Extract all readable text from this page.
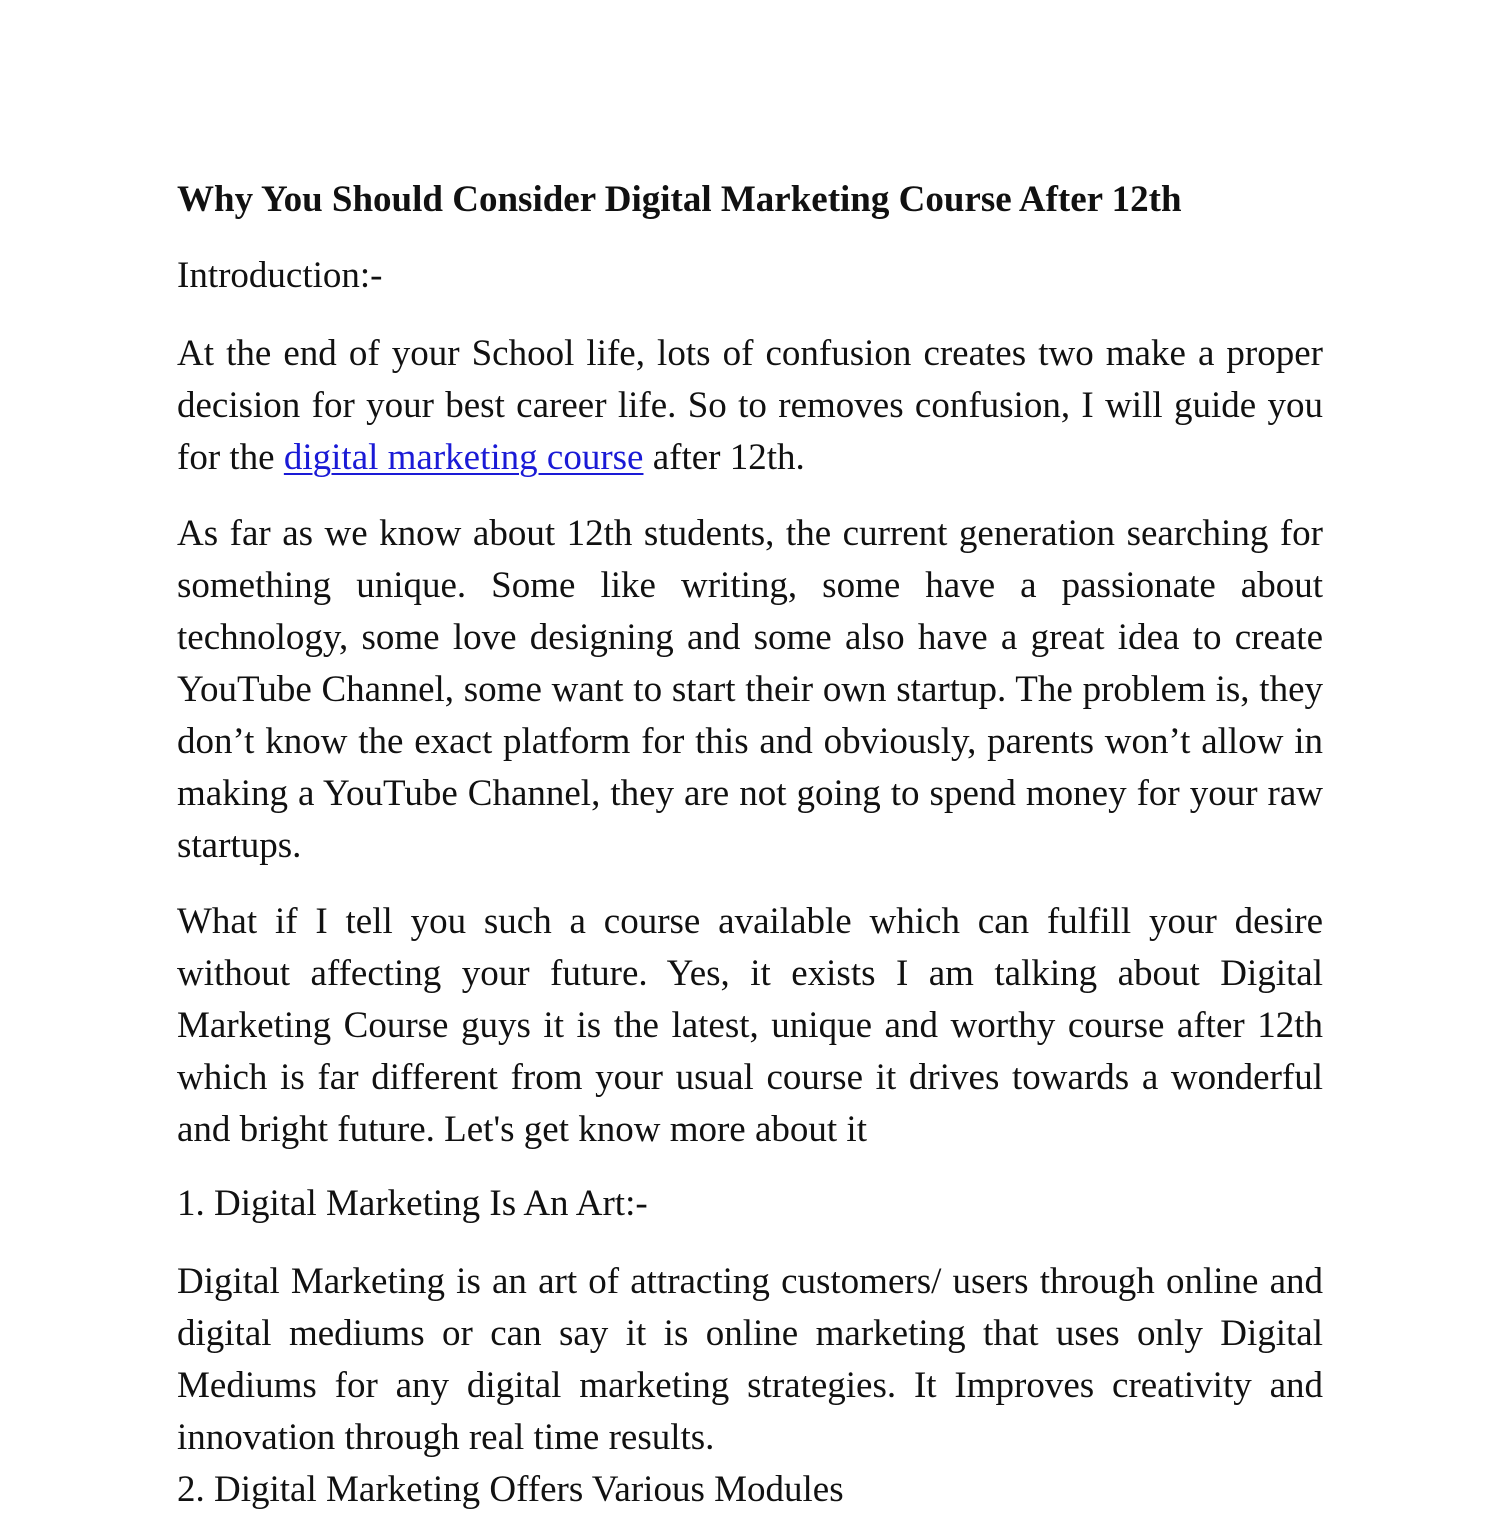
Why You Should Consider Digital Marketing Course After 12th
Introduction:-

At the end of your School life, lots of confusion creates two make a proper decision for your best career life. So to removes confusion, I will guide you for the digital marketing course after 12th.

As far as we know about 12th students, the current generation searching for something unique. Some like writing, some have a passionate about technology, some love designing and some also have a great idea to create YouTube Channel, some want to start their own startup. The problem is, they don’t know the exact platform for this and obviously, parents won’t allow in making a YouTube Channel, they are not going to spend money for your raw startups.

What if I tell you such a course available which can fulfill your desire without affecting your future. Yes, it exists I am talking about Digital Marketing Course guys it is the latest, unique and worthy course after 12th which is far different from your usual course it drives towards a wonderful and bright future. Let's get know more about it

1. Digital Marketing Is An Art:-

Digital Marketing is an art of attracting customers/ users through online and digital mediums or can say it is online marketing that uses only Digital Mediums for any digital marketing strategies. It Improves creativity and innovation through real time results.

2. Digital Marketing Offers Various Modules
